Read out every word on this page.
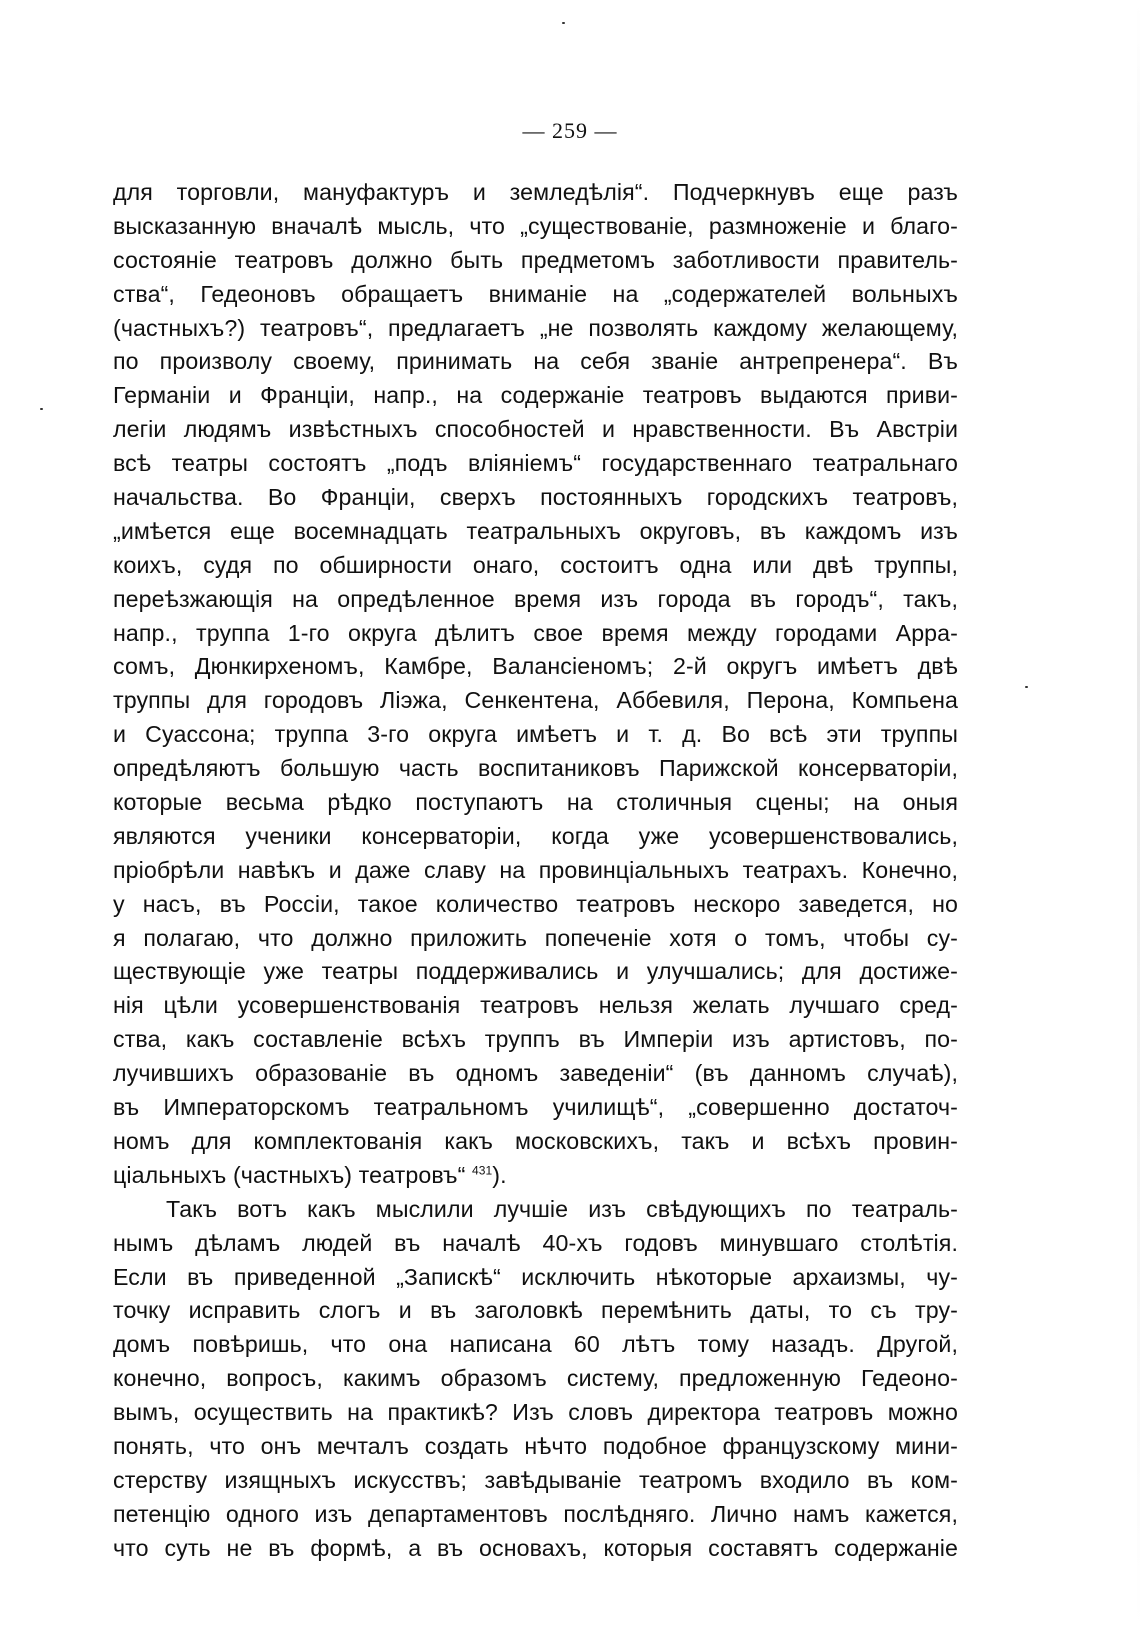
— 259 —
для торговли, мануфактуръ и земледѣлія“. Подчеркнувъ еще разъ
высказанную вначалѣ мысль, что „существованіе, размноженіе и благо-
состояніе театровъ должно быть предметомъ заботливости правитель-
ства“, Гедеоновъ обращаетъ вниманіе на „содержателей вольныхъ
(частныхъ?) театровъ“, предлагаетъ „не позволять каждому желающему,
по произволу своему, принимать на себя званіе антрепренера“. Въ
Германіи и Франціи, напр., на содержаніе театровъ выдаются приви-
легіи людямъ извѣстныхъ способностей и нравственности. Въ Австріи
всѣ театры состоятъ „подъ вліяніемъ“ государственнаго театральнаго
начальства. Во Франціи, сверхъ постоянныхъ городскихъ театровъ,
„имѣется еще восемнадцать театральныхъ округовъ, въ каждомъ изъ
коихъ, судя по обширности онаго, состоитъ одна или двѣ труппы,
переѣзжающія на опредѣленное время изъ города въ городъ“, такъ,
напр., труппа 1-го округа дѣлитъ свое время между городами Арра-
сомъ, Дюнкирхеномъ, Камбре, Валансіеномъ; 2-й округъ имѣетъ двѣ
труппы для городовъ Ліэжа, Сенкентена, Аббевиля, Перона, Компьена
и Суассона; труппа 3-го округа имѣетъ и т. д. Во всѣ эти труппы
опредѣляютъ большую часть воспитаниковъ Парижской консерваторіи,
которые весьма рѣдко поступаютъ на столичныя сцены; на оныя
являются ученики консерваторіи, когда уже усовершенствовались,
пріобрѣли навѣкъ и даже славу на провинціальныхъ театрахъ. Конечно,
у насъ, въ Россіи, такое количество театровъ нескоро заведется, но
я полагаю, что должно приложить попеченіе хотя о томъ, чтобы су-
ществующіе уже театры поддерживались и улучшались; для достиже-
нія цѣли усовершенствованія театровъ нельзя желать лучшаго сред-
ства, какъ составленіе всѣхъ труппъ въ Имперіи изъ артистовъ, по-
лучившихъ образованіе въ одномъ заведеніи“ (въ данномъ случаѣ),
въ Императорскомъ театральномъ училищѣ“, „совершенно достаточ-
номъ для комплектованія какъ московскихъ, такъ и всѣхъ провин-
ціальныхъ (частныхъ) театровъ“ $^{431}$).
Такъ вотъ какъ мыслили лучшіе изъ свѣдующихъ по театраль-
нымъ дѣламъ людей въ началѣ 40-хъ годовъ минувшаго столѣтія.
Если въ приведенной „Запискѣ“ исключить нѣкоторые архаизмы, чу-
точку исправить слогъ и въ заголовкѣ перемѣнить даты, то съ тру-
домъ повѣришь, что она написана 60 лѣтъ тому назадъ. Другой,
конечно, вопросъ, какимъ образомъ систему, предложенную Гедеоно-
вымъ, осуществить на практикѣ? Изъ словъ директора театровъ можно
понять, что онъ мечталъ создать нѣчто подобное французскому мини-
стерству изящныхъ искусствъ; завѣдываніе театромъ входило въ ком-
петенцію одного изъ департаментовъ послѣдняго. Лично намъ кажется,
что суть не въ формѣ, а въ основахъ, которыя составятъ содержаніе
